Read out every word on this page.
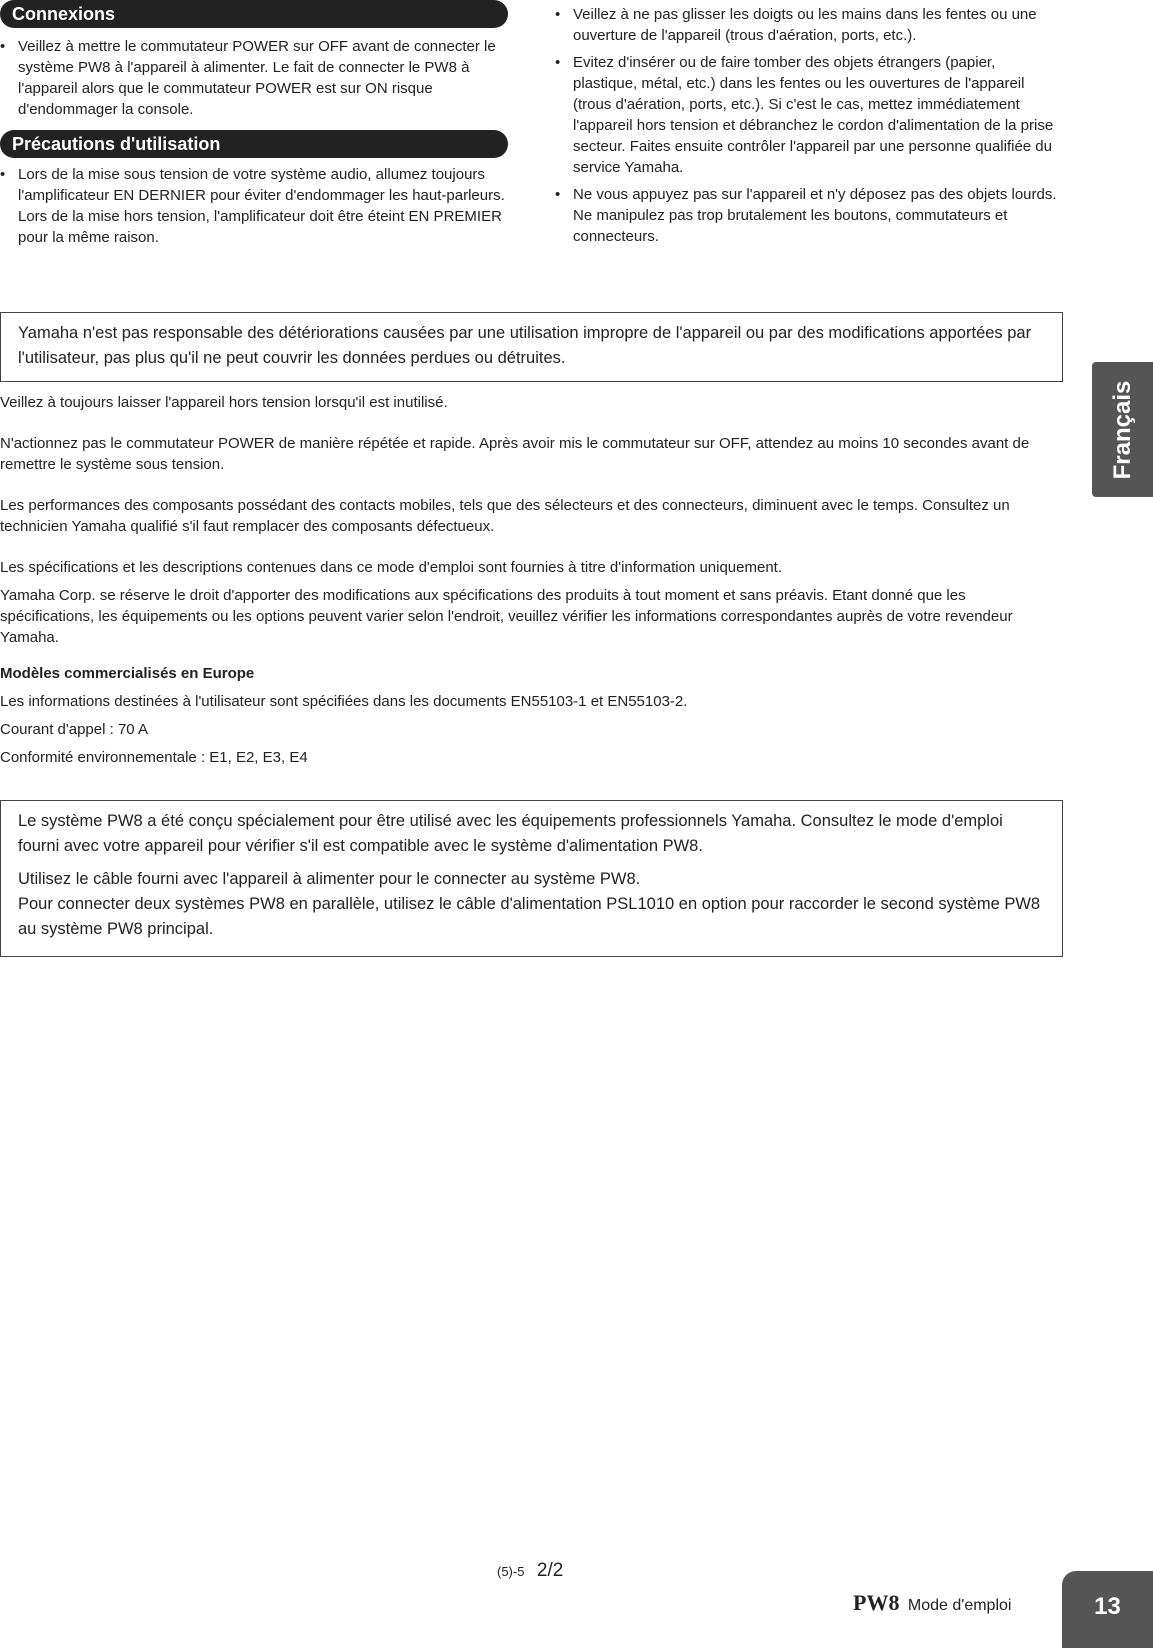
Connexions
• Veillez à mettre le commutateur POWER sur OFF avant de connecter le système PW8 à l'appareil à alimenter. Le fait de connecter le PW8 à l'appareil alors que le commutateur POWER est sur ON risque d'endommager la console.
Précautions d'utilisation
• Lors de la mise sous tension de votre système audio, allumez toujours l'amplificateur EN DERNIER pour éviter d'endommager les haut-parleurs. Lors de la mise hors tension, l'amplificateur doit être éteint EN PREMIER pour la même raison.
• Veillez à ne pas glisser les doigts ou les mains dans les fentes ou une ouverture de l'appareil (trous d'aération, ports, etc.).
• Evitez d'insérer ou de faire tomber des objets étrangers (papier, plastique, métal, etc.) dans les fentes ou les ouvertures de l'appareil (trous d'aération, ports, etc.). Si c'est le cas, mettez immédiatement l'appareil hors tension et débranchez le cordon d'alimentation de la prise secteur. Faites ensuite contrôler l'appareil par une personne qualifiée du service Yamaha.
• Ne vous appuyez pas sur l'appareil et n'y déposez pas des objets lourds. Ne manipulez pas trop brutalement les boutons, commutateurs et connecteurs.

Yamaha n'est pas responsable des détériorations causées par une utilisation impropre de l'appareil ou par des modifications apportées par l'utilisateur, pas plus qu'il ne peut couvrir les données perdues ou détruites.

Veillez à toujours laisser l'appareil hors tension lorsqu'il est inutilisé.

N'actionnez pas le commutateur POWER de manière répétée et rapide. Après avoir mis le commutateur sur OFF, attendez au moins 10 secondes avant de remettre le système sous tension.

Les performances des composants possédant des contacts mobiles, tels que des sélecteurs et des connecteurs, diminuent avec le temps. Consultez un technicien Yamaha qualifié s'il faut remplacer des composants défectueux.

Les spécifications et les descriptions contenues dans ce mode d'emploi sont fournies à titre d'information uniquement.

Yamaha Corp. se réserve le droit d'apporter des modifications aux spécifications des produits à tout moment et sans préavis. Etant donné que les spécifications, les équipements ou les options peuvent varier selon l'endroit, veuillez vérifier les informations correspondantes auprès de votre revendeur Yamaha.

Modèles commercialisés en Europe

Les informations destinées à l'utilisateur sont spécifiées dans les documents EN55103-1 et EN55103-2.

Courant d'appel : 70 A

Conformité environnementale : E1, E2, E3, E4

Le système PW8 a été conçu spécialement pour être utilisé avec les équipements professionnels Yamaha. Consultez le mode d'emploi fourni avec votre appareil pour vérifier s'il est compatible avec le système d'alimentation PW8.

Utilisez le câble fourni avec l'appareil à alimenter pour le connecter au système PW8.

Pour connecter deux systèmes PW8 en parallèle, utilisez le câble d'alimentation PSL1010 en option pour raccorder le second système PW8 au système PW8 principal.

Français
(5)-5 2/2
PW8 Mode d'emploi	13
